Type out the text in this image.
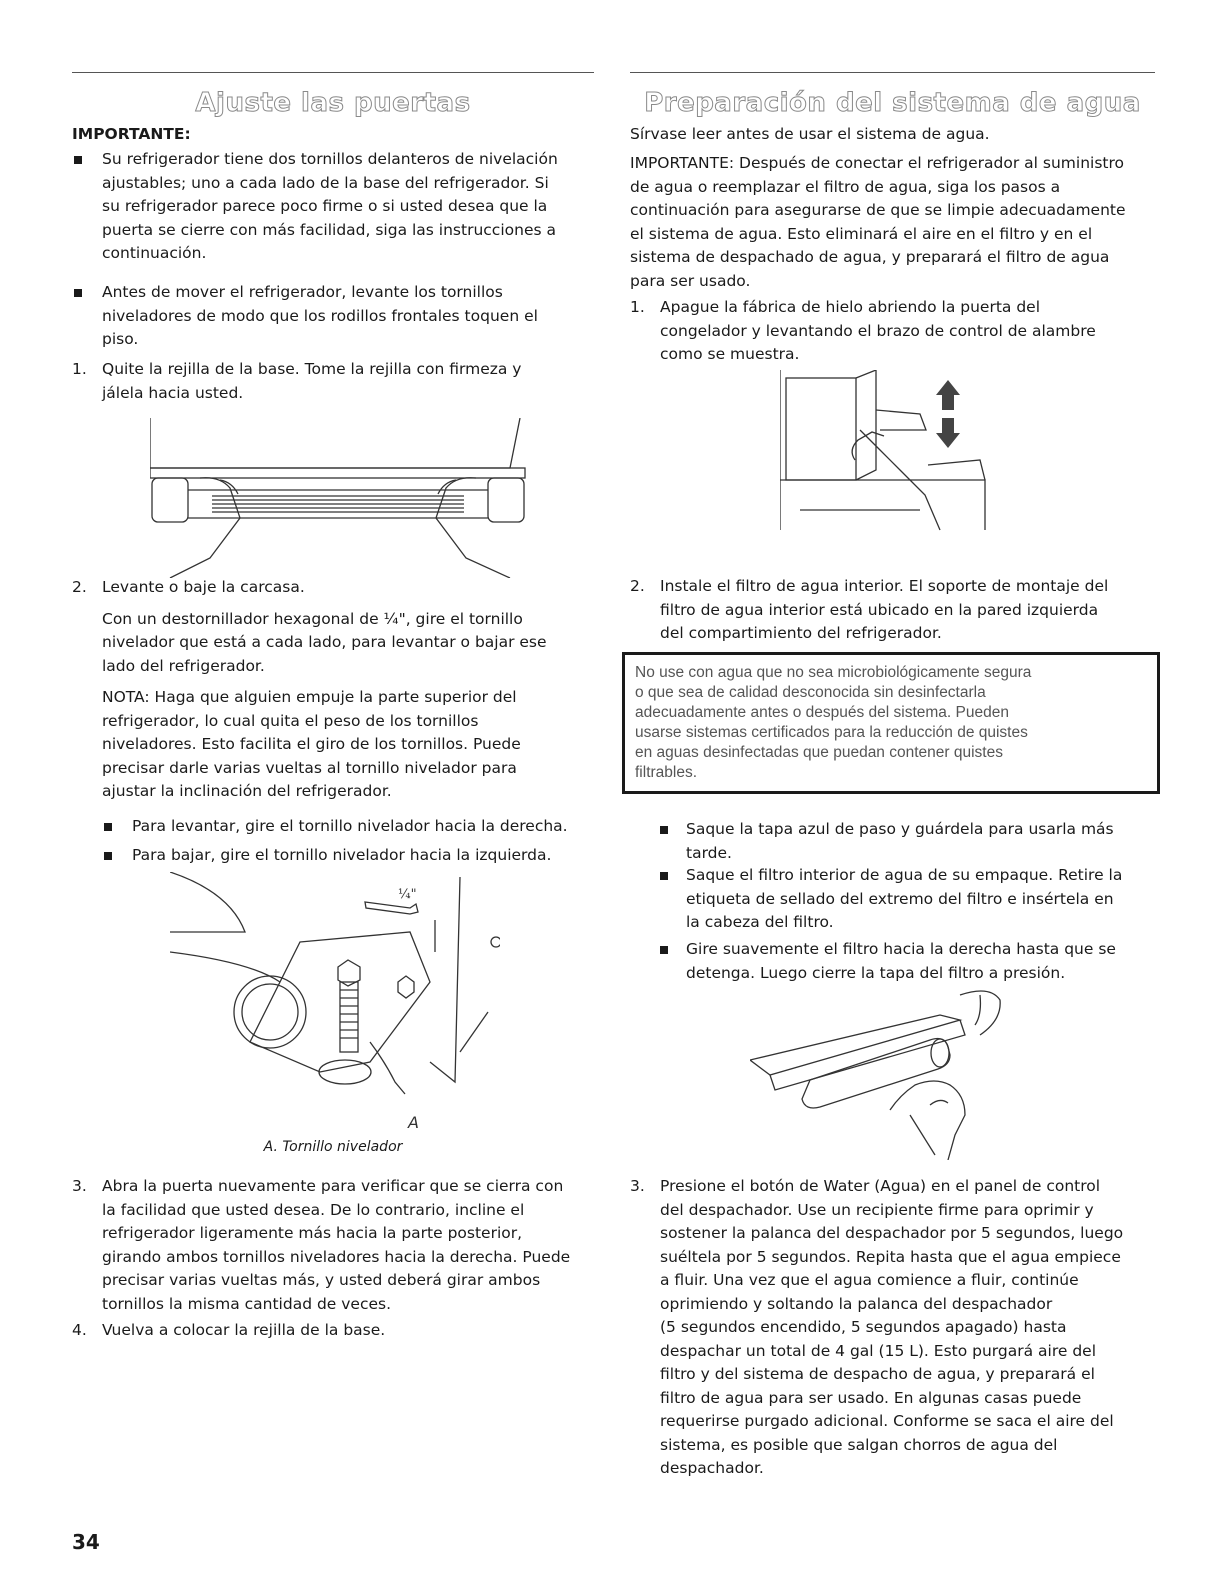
Ajuste las puertas
IMPORTANTE:
Su refrigerador tiene dos tornillos delanteros de nivelación
ajustables; uno a cada lado de la base del refrigerador. Si
su refrigerador parece poco firme o si usted desea que la
puerta se cierre con más facilidad, siga las instrucciones a
continuación.
Antes de mover el refrigerador, levante los tornillos
niveladores de modo que los rodillos frontales toquen el
piso.
1. Quite la rejilla de la base. Tome la rejilla con firmeza y
jálela hacia usted.
2. Levante o baje la carcasa.
Con un destornillador hexagonal de ¼", gire el tornillo
nivelador que está a cada lado, para levantar o bajar ese
lado del refrigerador.
NOTA: Haga que alguien empuje la parte superior del
refrigerador, lo cual quita el peso de los tornillos
niveladores. Esto facilita el giro de los tornillos. Puede
precisar darle varias vueltas al tornillo nivelador para
ajustar la inclinación del refrigerador.
Para levantar, gire el tornillo nivelador hacia la derecha.
Para bajar, gire el tornillo nivelador hacia la izquierda.
¼"
A
A. Tornillo nivelador
3. Abra la puerta nuevamente para verificar que se cierra con
la facilidad que usted desea. De lo contrario, incline el
refrigerador ligeramente más hacia la parte posterior,
girando ambos tornillos niveladores hacia la derecha. Puede
precisar varias vueltas más, y usted deberá girar ambos
tornillos la misma cantidad de veces.
4. Vuelva a colocar la rejilla de la base.
Preparación del sistema de agua
Sírvase leer antes de usar el sistema de agua.
IMPORTANTE: Después de conectar el refrigerador al suministro
de agua o reemplazar el filtro de agua, siga los pasos a
continuación para asegurarse de que se limpie adecuadamente
el sistema de agua. Esto eliminará el aire en el filtro y en el
sistema de despachado de agua, y preparará el filtro de agua
para ser usado.
1. Apague la fábrica de hielo abriendo la puerta del
congelador y levantando el brazo de control de alambre
como se muestra.
2. Instale el filtro de agua interior. El soporte de montaje del
filtro de agua interior está ubicado en la pared izquierda
del compartimiento del refrigerador.
No use con agua que no sea microbiológicamente segura
o que sea de calidad desconocida sin desinfectarla
adecuadamente antes o después del sistema. Pueden
usarse sistemas certificados para la reducción de quistes
en aguas desinfectadas que puedan contener quistes
filtrables.
Saque la tapa azul de paso y guárdela para usarla más
tarde.
Saque el filtro interior de agua de su empaque. Retire la
etiqueta de sellado del extremo del filtro e insértela en
la cabeza del filtro.
Gire suavemente el filtro hacia la derecha hasta que se
detenga. Luego cierre la tapa del filtro a presión.
3. Presione el botón de Water (Agua) en el panel de control
del despachador. Use un recipiente firme para oprimir y
sostener la palanca del despachador por 5 segundos, luego
suéltela por 5 segundos. Repita hasta que el agua empiece
a fluir. Una vez que el agua comience a fluir, continúe
oprimiendo y soltando la palanca del despachador
(5 segundos encendido, 5 segundos apagado) hasta
despachar un total de 4 gal (15 L). Esto purgará aire del
filtro y del sistema de despacho de agua, y preparará el
filtro de agua para ser usado. En algunas casas puede
requerirse purgado adicional. Conforme se saca el aire del
sistema, es posible que salgan chorros de agua del
despachador.
34
